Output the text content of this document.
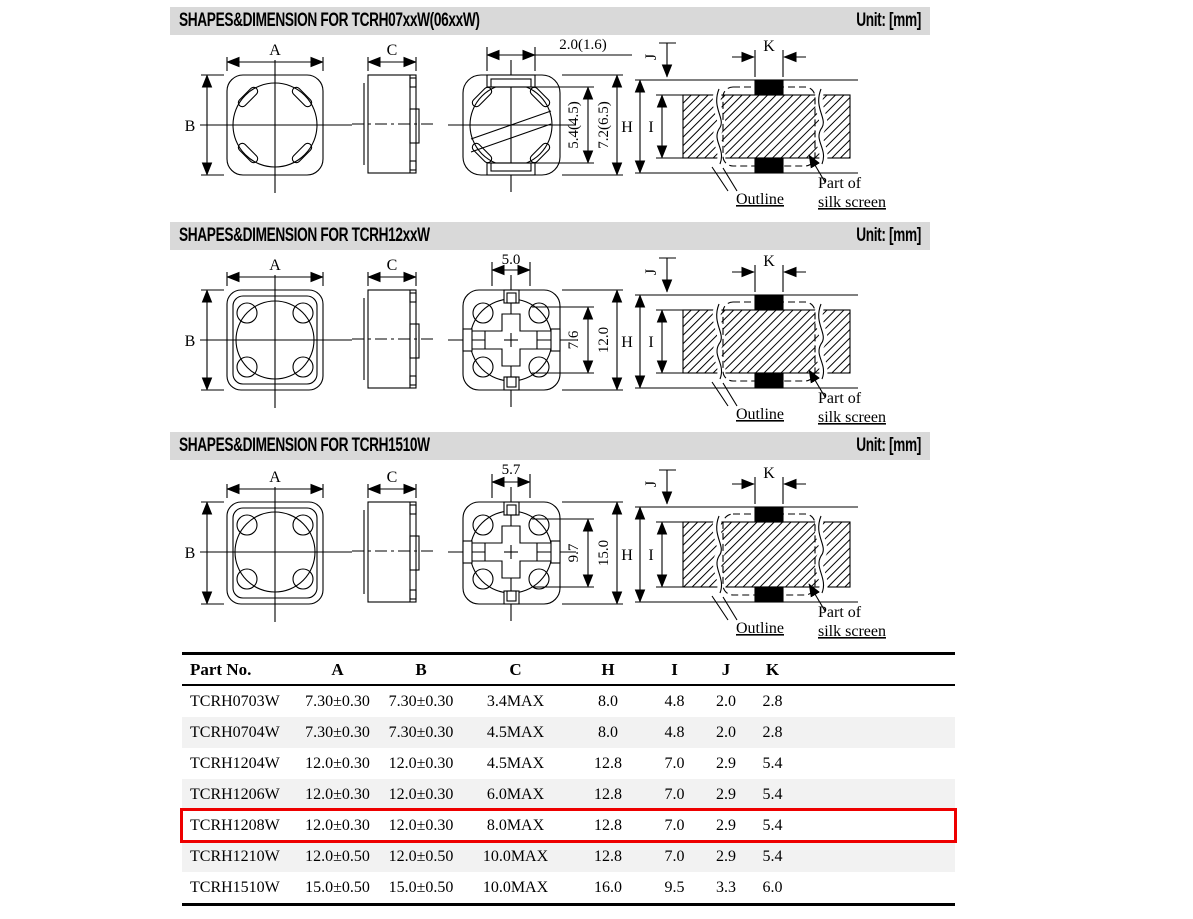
SHAPES&DIMENSION FOR TCRH07xxW(06xxW)	Unit: [mm]
A
B
C	2.0(1.6)
5.4(4.5) 7.2(6.5)
K
J
H I
Outline
Part of
silk screen
SHAPES&DIMENSION FOR TCRH12xxW	Unit: [mm]
A
B
C	5.0
7.6 12.0
K
J
H I
Outline
Part of
silk screen
SHAPES&DIMENSION FOR TCRH1510W	Unit: [mm]
A
B
C	5.7
9.7 15.0
K
J
H I
Outline
Part of
silk screen
Part No.	A	B	C	H	I	J	K	
TCRH0703W	7.30±0.30	7.30±0.30	3.4MAX	8.0	4.8	2.0	2.8	
TCRH0704W	7.30±0.30	7.30±0.30	4.5MAX	8.0	4.8	2.0	2.8	
TCRH1204W	12.0±0.30	12.0±0.30	4.5MAX	12.8	7.0	2.9	5.4	
TCRH1206W	12.0±0.30	12.0±0.30	6.0MAX	12.8	7.0	2.9	5.4	
TCRH1208W	12.0±0.30	12.0±0.30	8.0MAX	12.8	7.0	2.9	5.4	
TCRH1210W	12.0±0.50	12.0±0.50	10.0MAX	12.8	7.0	2.9	5.4	
TCRH1510W	15.0±0.50	15.0±0.50	10.0MAX	16.0	9.5	3.3	6.0	
